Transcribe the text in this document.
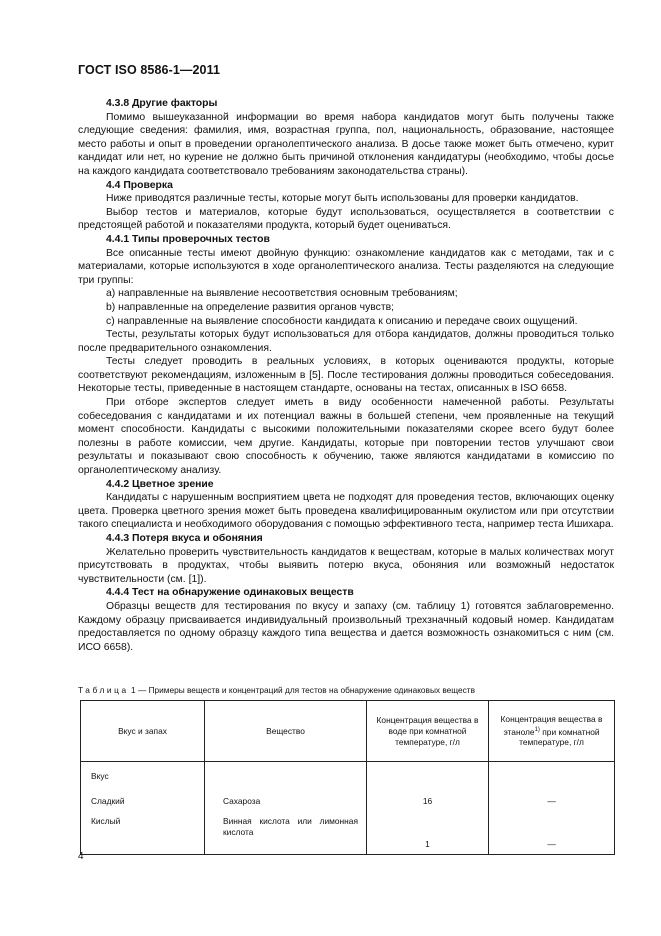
ГОСТ ISO 8586-1—2011
4.3.8 Другие факторы
Помимо вышеуказанной информации во время набора кандидатов могут быть получены также следующие сведения: фамилия, имя, возрастная группа, пол, национальность, образование, настоящее место работы и опыт в проведении органолептического анализа. В досье также может быть отмечено, курит кандидат или нет, но курение не должно быть причиной отклонения кандидатуры (необходимо, чтобы досье на каждого кандидата соответствовало требованиям законодательства страны).
4.4 Проверка
Ниже приводятся различные тесты, которые могут быть использованы для проверки кандидатов.
Выбор тестов и материалов, которые будут использоваться, осуществляется в соответствии с предстоящей работой и показателями продукта, который будет оцениваться.
4.4.1 Типы проверочных тестов
Все описанные тесты имеют двойную функцию: ознакомление кандидатов как с методами, так и с материалами, которые используются в ходе органолептического анализа. Тесты разделяются на следующие три группы:
a) направленные на выявление несоответствия основным требованиям;
b) направленные на определение развития органов чувств;
c) направленные на выявление способности кандидата к описанию и передаче своих ощущений.
Тесты, результаты которых будут использоваться для отбора кандидатов, должны проводиться только после предварительного ознакомления.
Тесты следует проводить в реальных условиях, в которых оцениваются продукты, которые соответствуют рекомендациям, изложенным в [5]. После тестирования должны проводиться собеседования. Некоторые тесты, приведенные в настоящем стандарте, основаны на тестах, описанных в ISO 6658.
При отборе экспертов следует иметь в виду особенности намеченной работы. Результаты собеседования с кандидатами и их потенциал важны в большей степени, чем проявленные на текущий момент способности. Кандидаты с высокими положительными показателями скорее всего будут более полезны в работе комиссии, чем другие. Кандидаты, которые при повторении тестов улучшают свои результаты и показывают свою способность к обучению, также являются кандидатами в комиссию по органолептическому анализу.
4.4.2 Цветное зрение
Кандидаты с нарушенным восприятием цвета не подходят для проведения тестов, включающих оценку цвета. Проверка цветного зрения может быть проведена квалифицированным окулистом или при отсутствии такого специалиста и необходимого оборудования с помощью эффективного теста, например теста Ишихара.
4.4.3 Потеря вкуса и обоняния
Желательно проверить чувствительность кандидатов к веществам, которые в малых количествах могут присутствовать в продуктах, чтобы выявить потерю вкуса, обоняния или возможный недостаток чувствительности (см. [1]).
4.4.4 Тест на обнаружение одинаковых веществ
Образцы веществ для тестирования по вкусу и запаху (см. таблицу 1) готовятся заблаговременно. Каждому образцу присваивается индивидуальный произвольный трехзначный кодовый номер. Кандидатам предоставляется по одному образцу каждого типа вещества и дается возможность ознакомиться с ним (см. ИСО 6658).
Таблица 1 — Примеры веществ и концентраций для тестов на обнаружение одинаковых веществ
Вкус и запах	Вещество	Концентрация вещества в воде при комнатной температуре, г/л	Концентрация вещества в этаноле$^{1)}$ при комнатной температуре, г/л
Вкус			
Сладкий	Сахароза	16	—
Кислый	Винная кислота или лимонная кислота	1	—
4
